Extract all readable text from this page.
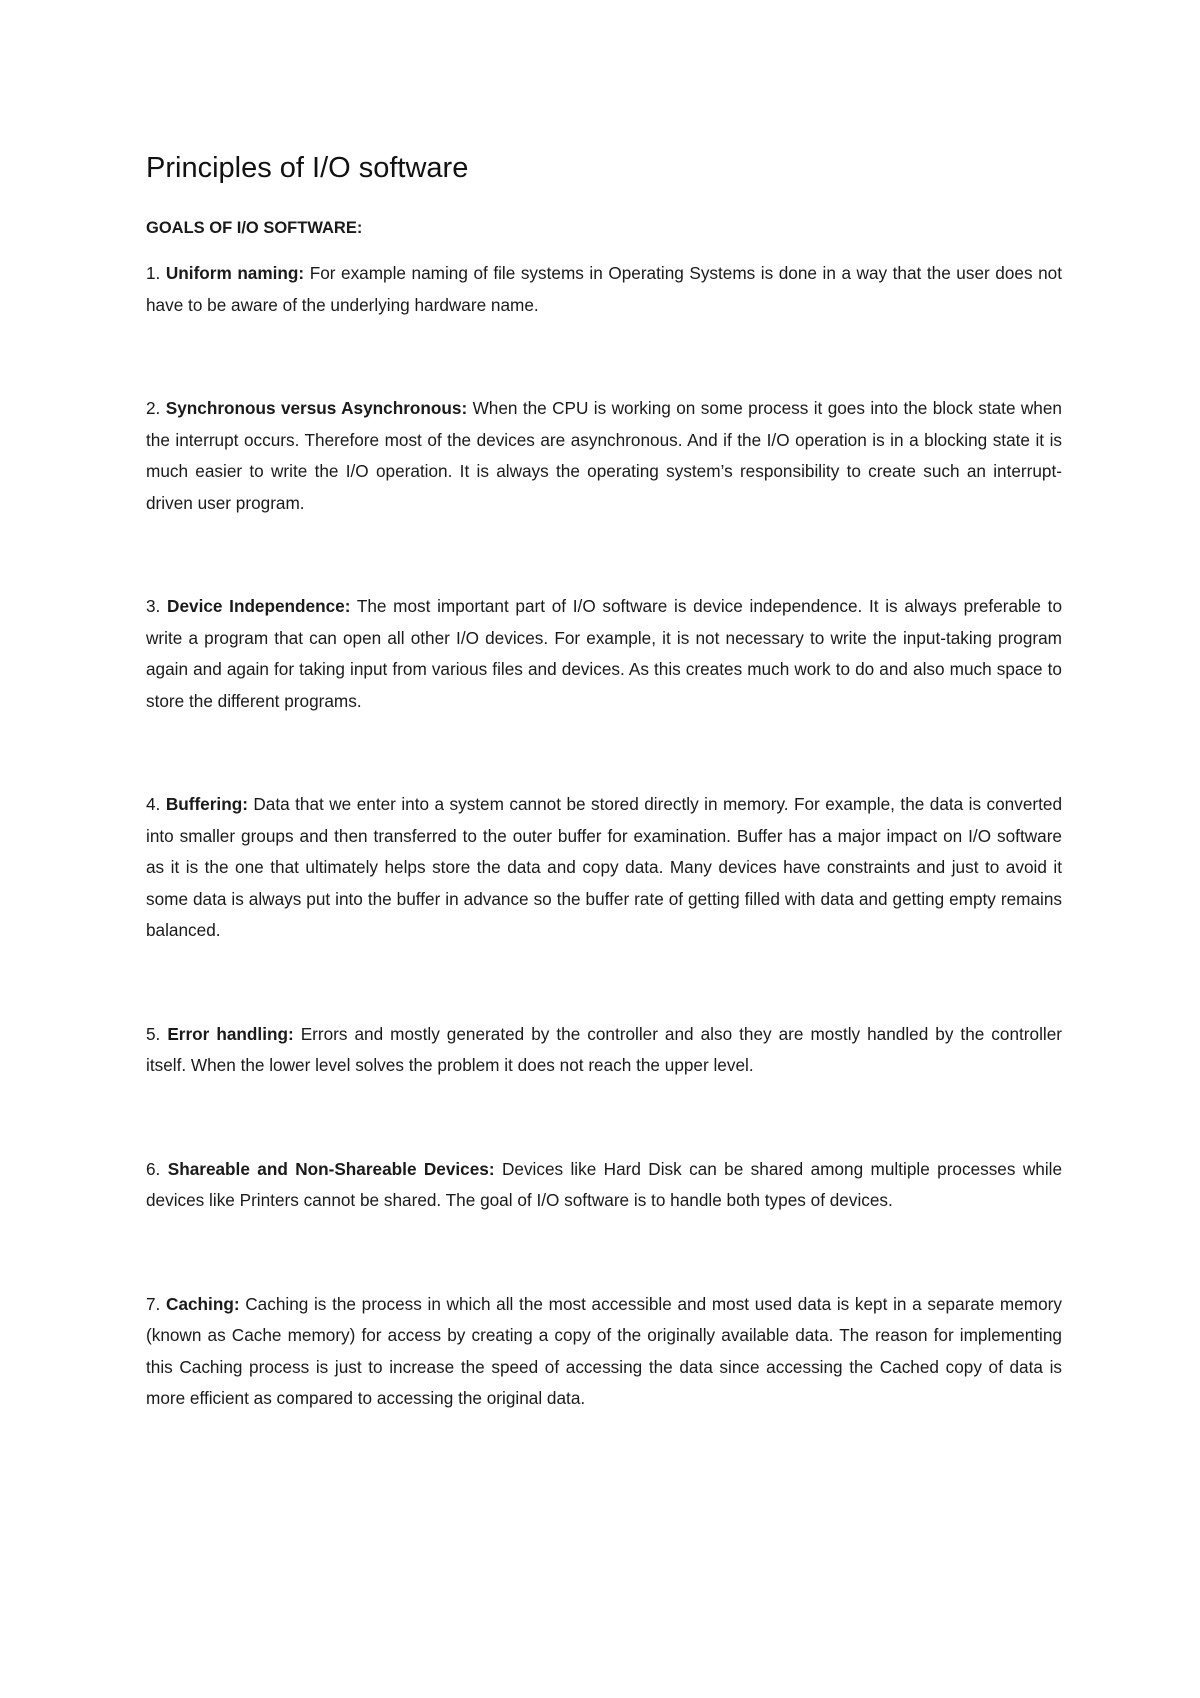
Principles of I/O software
GOALS OF I/O SOFTWARE:

1. Uniform naming: For example naming of file systems in Operating Systems is done in a way that the user does not have to be aware of the underlying hardware name.

2. Synchronous versus Asynchronous: When the CPU is working on some process it goes into the block state when the interrupt occurs. Therefore most of the devices are asynchronous. And if the I/O operation is in a blocking state it is much easier to write the I/O operation. It is always the operating system’s responsibility to create such an interrupt-driven user program.

3. Device Independence: The most important part of I/O software is device independence. It is always preferable to write a program that can open all other I/O devices. For example, it is not necessary to write the input-taking program again and again for taking input from various files and devices. As this creates much work to do and also much space to store the different programs.

4. Buffering: Data that we enter into a system cannot be stored directly in memory. For example, the data is converted into smaller groups and then transferred to the outer buffer for examination. Buffer has a major impact on I/O software as it is the one that ultimately helps store the data and copy data. Many devices have constraints and just to avoid it some data is always put into the buffer in advance so the buffer rate of getting filled with data and getting empty remains balanced.

5. Error handling: Errors and mostly generated by the controller and also they are mostly handled by the controller itself. When the lower level solves the problem it does not reach the upper level.

6. Shareable and Non-Shareable Devices: Devices like Hard Disk can be shared among multiple processes while devices like Printers cannot be shared. The goal of I/O software is to handle both types of devices.

7. Caching: Caching is the process in which all the most accessible and most used data is kept in a separate memory (known as Cache memory) for access by creating a copy of the originally available data. The reason for implementing this Caching process is just to increase the speed of accessing the data since accessing the Cached copy of data is more efficient as compared to accessing the original data.
